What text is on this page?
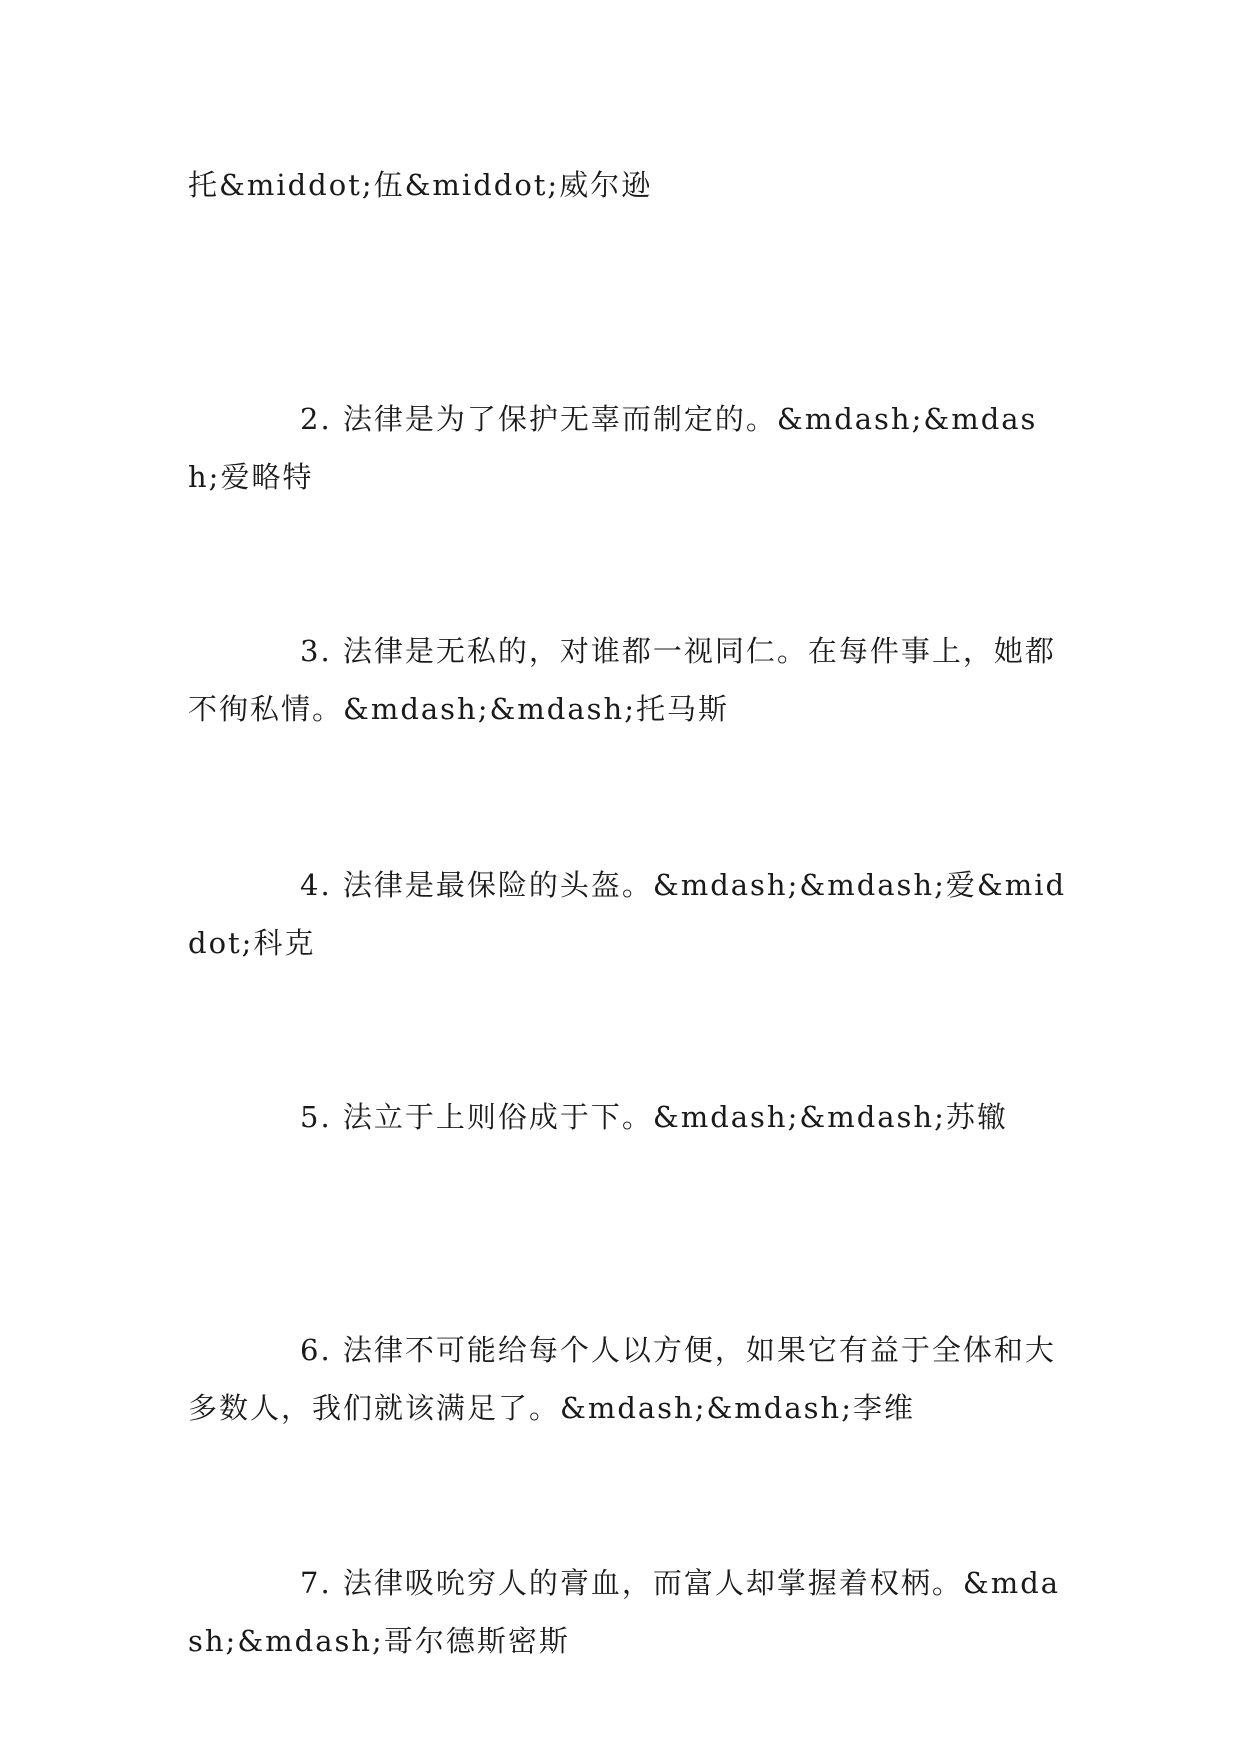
托&middot;伍&middot;威尔逊

2. 法律是为了保护无辜而制定的。&mdash;&mdash;爱略特

3. 法律是无私的，对谁都一视同仁。在每件事上，她都不徇私情。&mdash;&mdash;托马斯

4. 法律是最保险的头盔。&mdash;&mdash;爱&middot;科克

5. 法立于上则俗成于下。&mdash;&mdash;苏辙

6. 法律不可能给每个人以方便，如果它有益于全体和大多数人，我们就该满足了。&mdash;&mdash;李维

7. 法律吸吮穷人的膏血，而富人却掌握着权柄。&mdash;&mdash;哥尔德斯密斯
